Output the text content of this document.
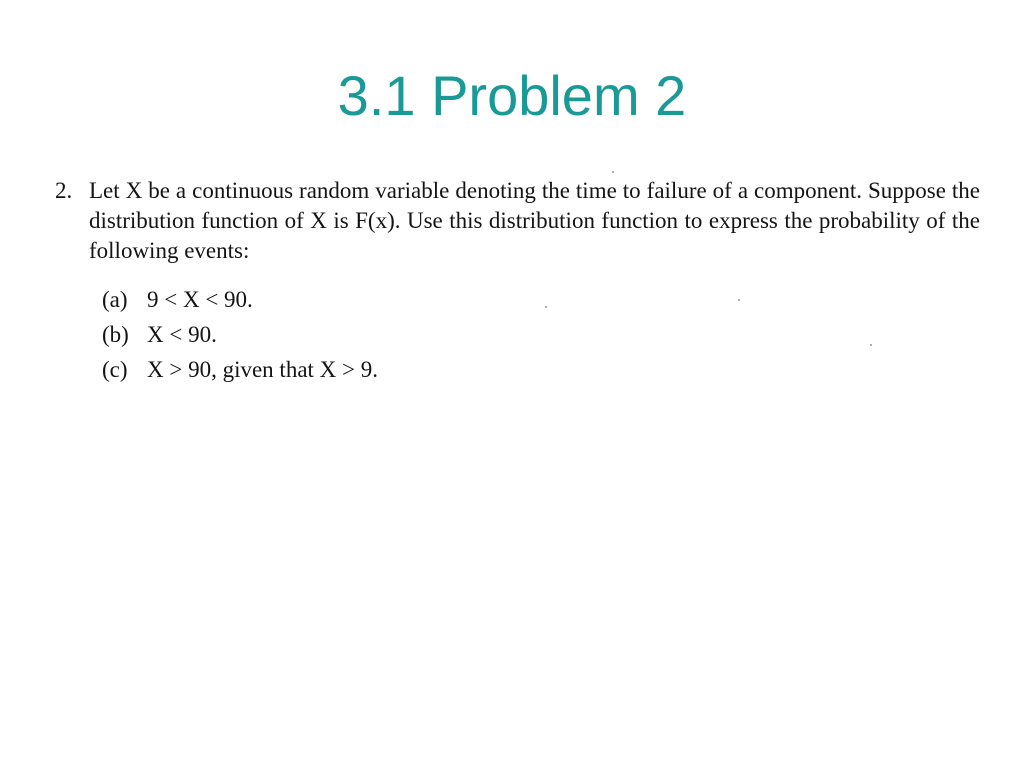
3.1 Problem 2
2. Let X be a continuous random variable denoting the time to failure of a component. Suppose the distribution function of X is F(x). Use this distribution function to express the probability of the following events:
(a) 9 < X < 90.
(b) X < 90.
(c) X > 90, given that X > 9.
